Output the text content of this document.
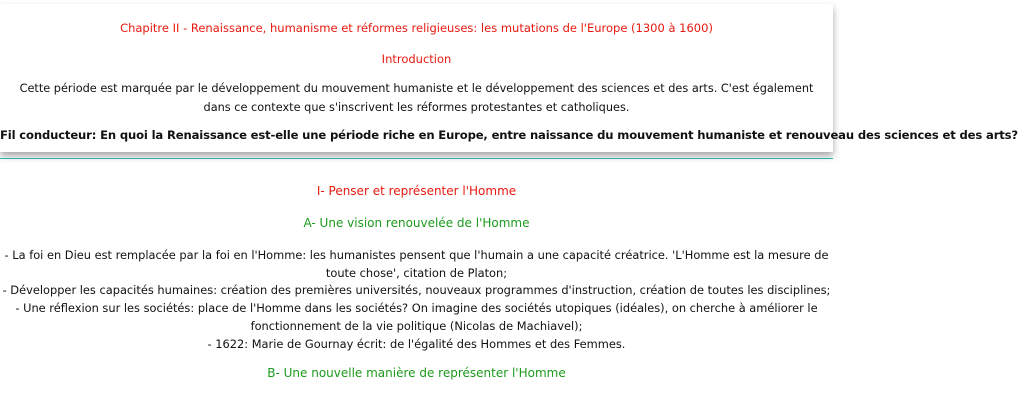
Chapitre II - Renaissance, humanisme et réformes religieuses: les mutations de l'Europe (1300 à 1600)

Introduction

Cette période est marquée par le développement du mouvement humaniste et le développement des sciences et des arts. C'est également dans ce contexte que s'inscrivent les réformes protestantes et catholiques.

Fil conducteur: En quoi la Renaissance est-elle une période riche en Europe, entre naissance du mouvement humaniste et renouveau des sciences et des arts?

I- Penser et représenter l'Homme

A- Une vision renouvelée de l'Homme

- La foi en Dieu est remplacée par la foi en l'Homme: les humanistes pensent que l'humain a une capacité créatrice. 'L'Homme est la mesure de toute chose', citation de Platon;
- Développer les capacités humaines: création des premières universités, nouveaux programmes d'instruction, création de toutes les disciplines;
- Une réflexion sur les sociétés: place de l'Homme dans les sociétés? On imagine des sociétés utopiques (idéales), on cherche à améliorer le fonctionnement de la vie politique (Nicolas de Machiavel);
- 1622: Marie de Gournay écrit: de l'égalité des Hommes et des Femmes.

B- Une nouvelle manière de représenter l'Homme
